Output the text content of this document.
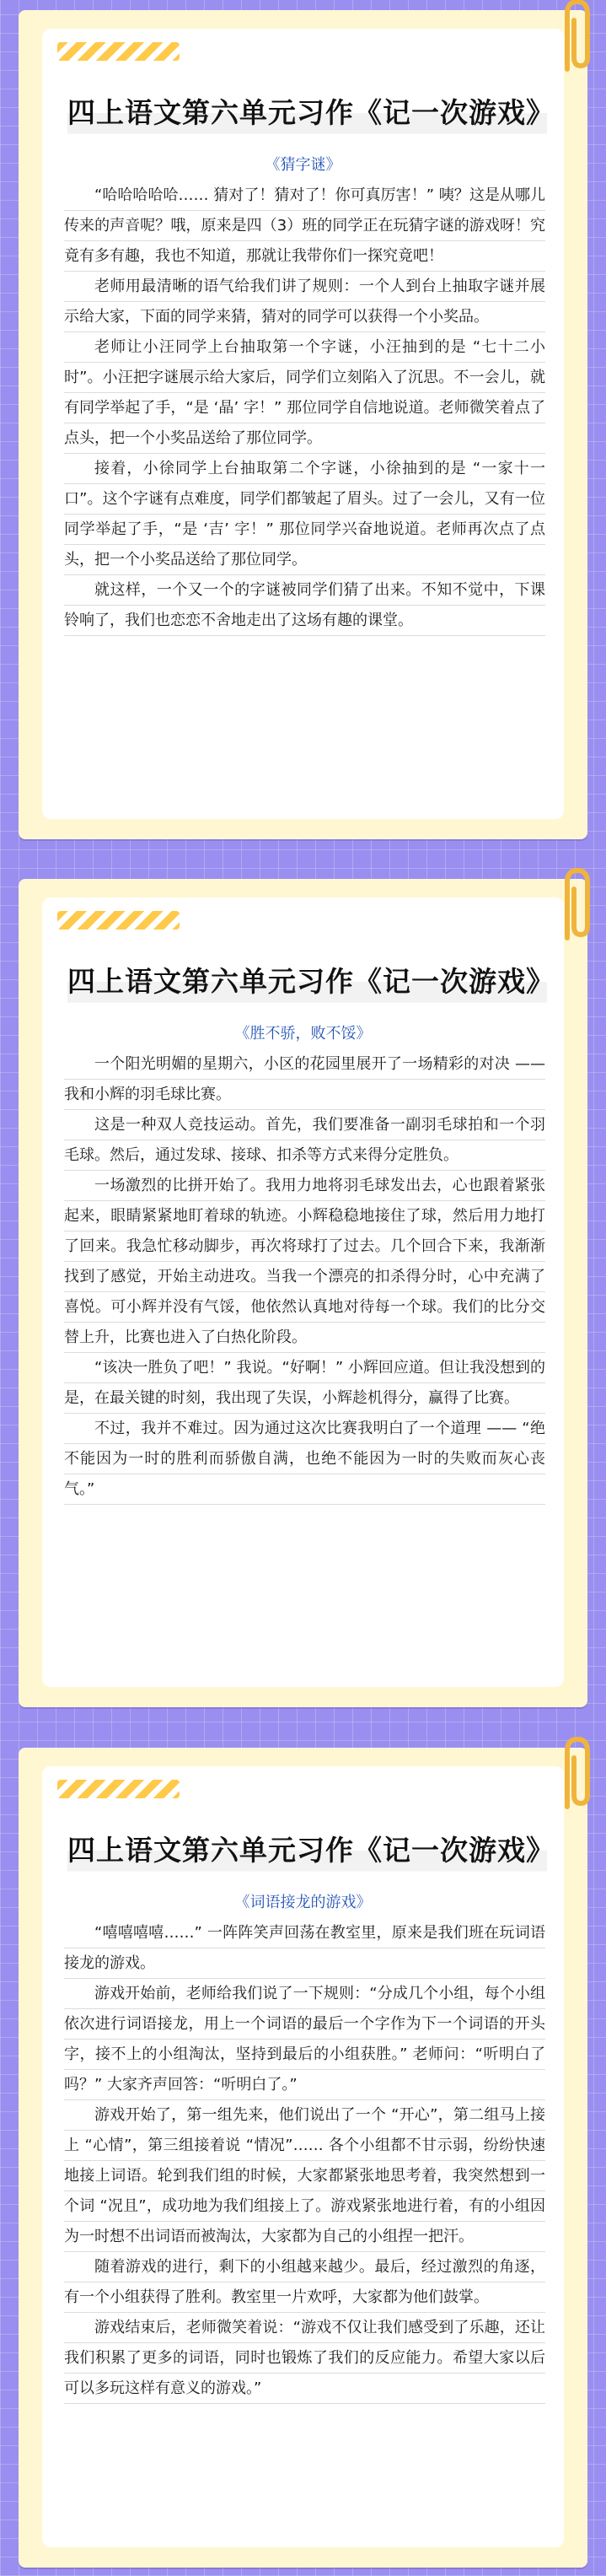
四上语文第六单元习作《记一次游戏》

《猜字谜》

“哈哈哈哈哈…… 猜对了！猜对了！你可真厉害！” 咦？这是从哪儿传来的声音呢？哦，原来是四（3）班的同学正在玩猜字谜的游戏呀！究竟有多有趣，我也不知道，那就让我带你们一探究竟吧！

老师用最清晰的语气给我们讲了规则：一个人到台上抽取字谜并展示给大家，下面的同学来猜，猜对的同学可以获得一个小奖品。

老师让小汪同学上台抽取第一个字谜，小汪抽到的是 “七十二小时”。小汪把字谜展示给大家后，同学们立刻陷入了沉思。不一会儿，就有同学举起了手，“是 ‘晶’ 字！” 那位同学自信地说道。老师微笑着点了点头，把一个小奖品送给了那位同学。

接着，小徐同学上台抽取第二个字谜，小徐抽到的是 “一家十一口”。这个字谜有点难度，同学们都皱起了眉头。过了一会儿，又有一位同学举起了手，“是 ‘吉’ 字！” 那位同学兴奋地说道。老师再次点了点头，把一个小奖品送给了那位同学。

就这样，一个又一个的字谜被同学们猜了出来。不知不觉中，下课铃响了，我们也恋恋不舍地走出了这场有趣的课堂。

四上语文第六单元习作《记一次游戏》

《胜不骄，败不馁》

一个阳光明媚的星期六，小区的花园里展开了一场精彩的对决 —— 我和小辉的羽毛球比赛。

这是一种双人竞技运动。首先，我们要准备一副羽毛球拍和一个羽毛球。然后，通过发球、接球、扣杀等方式来得分定胜负。

一场激烈的比拼开始了。我用力地将羽毛球发出去，心也跟着紧张起来，眼睛紧紧地盯着球的轨迹。小辉稳稳地接住了球，然后用力地打了回来。我急忙移动脚步，再次将球打了过去。几个回合下来，我渐渐找到了感觉，开始主动进攻。当我一个漂亮的扣杀得分时，心中充满了喜悦。可小辉并没有气馁，他依然认真地对待每一个球。我们的比分交替上升，比赛也进入了白热化阶段。

“该决一胜负了吧！” 我说。“好啊！” 小辉回应道。但让我没想到的是，在最关键的时刻，我出现了失误，小辉趁机得分，赢得了比赛。

不过，我并不难过。因为通过这次比赛我明白了一个道理 —— “绝不能因为一时的胜利而骄傲自满，也绝不能因为一时的失败而灰心丧气。”

四上语文第六单元习作《记一次游戏》

《词语接龙的游戏》

“嘻嘻嘻嘻……” 一阵阵笑声回荡在教室里，原来是我们班在玩词语接龙的游戏。

游戏开始前，老师给我们说了一下规则：“分成几个小组，每个小组依次进行词语接龙，用上一个词语的最后一个字作为下一个词语的开头字，接不上的小组淘汰，坚持到最后的小组获胜。” 老师问：“听明白了吗？” 大家齐声回答：“听明白了。”

游戏开始了，第一组先来，他们说出了一个 “开心”，第二组马上接上 “心情”，第三组接着说 “情况”…… 各个小组都不甘示弱，纷纷快速地接上词语。轮到我们组的时候，大家都紧张地思考着，我突然想到一个词 “况且”，成功地为我们组接上了。游戏紧张地进行着，有的小组因为一时想不出词语而被淘汰，大家都为自己的小组捏一把汗。

随着游戏的进行，剩下的小组越来越少。最后，经过激烈的角逐，有一个小组获得了胜利。教室里一片欢呼，大家都为他们鼓掌。

游戏结束后，老师微笑着说：“游戏不仅让我们感受到了乐趣，还让我们积累了更多的词语，同时也锻炼了我们的反应能力。希望大家以后可以多玩这样有意义的游戏。”
